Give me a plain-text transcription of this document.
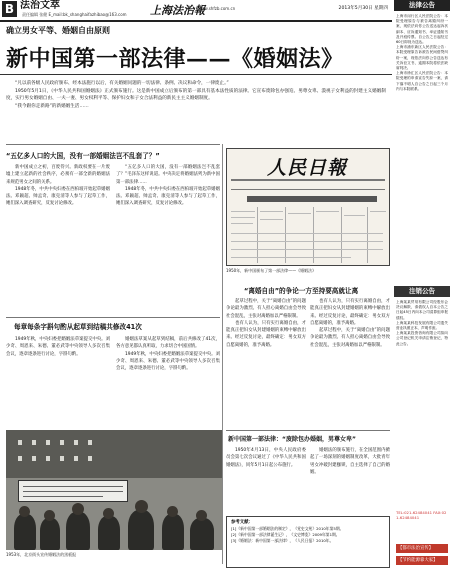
B 法治文萃
责任编辑 张健 E_mail:bk_shanghaifazhibao@163.com 上海法治報
www.shfzb.com.cn	2013年5月30日 星期四
确立男女平等、婚姻自由原则
新中国第一部法律——《婚姻法》

“凡以前各级人民政府颁布、经本法施行以后，有关婚姻问题的一切法律、条例、决议和命令，一律废止。”

1950年5月1日，《中华人民共和国婚姻法》正式颁布施行。这是新中国成立后颁布的第一部具有基本法性质的法律。它宣布废除包办强迫、男尊女卑、漠视子女利益的封建主义婚姻制度，实行男女婚姻自由、一夫一妻、男女权利平等、保护妇女和子女合法利益的新民主主义婚姻制度。

“我今跟你走新路”的新婚姻生活……

“五亿多人口的大国，没有一部婚姻法岂不乱套了？”

新中国成立之初，百废待兴。新政权要在一片废墟上建立起新的社会秩序，必须有一部全新的婚姻法来规范男女之间的关系。

1948年冬，中共中央妇委在西柏坡开始起草婚姻法。邓颖超、帅孟奇、康克清等人参与了起草工作，她们深入调查研究，反复讨论修改。

“五亿多人口的大国，没有一部婚姻法岂不乱套了？”毛泽东这样说道。中央决定将婚姻法列为新中国第一部法律……

1948年冬，中共中央妇委在西柏坡开始起草婚姻法。邓颖超、帅孟奇、康克清等人参与了起草工作，她们深入调查研究，反复讨论修改。

人民日報
1950年，新中国颁布了第一部法律——《婚姻法》
“离婚自由”的争论一方至持要高就让离

起草过程中，关于“离婚自由”的问题争论最为激烈。有人担心离婚自由会导致社会混乱，主张对离婚加以严格限制。

也有人认为，只有实行离婚自由，才能真正把妇女从封建婚姻的束缚中解放出来。经过反复讨论，最终确定：男女双方自愿离婚的，准予离婚。

也有人认为，只有实行离婚自由，才能真正把妇女从封建婚姻的束缚中解放出来。经过反复讨论，最终确定：男女双方自愿离婚的，准予离婚。

起草过程中，关于“离婚自由”的问题争论最为激烈。有人担心离婚自由会导致社会混乱，主张对离婚加以严格限制。

每章每条字斟句酌从起草到结稿共修改41次

1949年秋，中央妇委把婚姻法草案提交中央。刘少奇、周恩来、朱德、董必武等中央领导人多次召集会议，逐章逐条进行讨论，字斟句酌。

婚姻法草案从起草到结稿，前后共修改了41次，各方意见都认真听取，力求切合中国国情。

1949年秋，中央妇委把婚姻法草案提交中央。刘少奇、周恩来、朱德、董必武等中央领导人多次召集会议，逐章逐条进行讨论，字斟句酌。

1953年，北京街头宣传婚姻法的黑板报
新中国第一部法律：“废除包办婚姻，男尊女卑”

1950年4月13日，中央人民政府委员会第七次会议通过了《中华人民共和国婚姻法》，同年5月1日起公布施行。

婚姻法的颁布施行，在全国范围内掀起了一场深刻的婚姻制度改革，大批青年男女冲破封建枷锁，自主选择了自己的婚姻。

参考文献：

[1]《新中国第一部婚姻法的制定》，《党史文苑》2010年第5期。

[2]《新中国第一部法律诞生记》，《文史博览》2009年第1期。

[3]《婚姻法：新中国第一部法律》，《人民日报》2010年。

法律公告

上海市闵行区人民法院公告：本院受理原告与被告离婚纠纷一案，现依法向你公告送达起诉状副本、应诉通知书、举证通知书及开庭传票。自公告之日起经过60日即视为送达。

上海市浦东新区人民法院公告：本院受理原告诉被告民间借贷纠纷一案，现依法向你公告送达有关诉讼文书，逾期本院将依法缺席判决。

上海市徐汇区人民法院公告：本院受理的申请宣告失踪一案，请下落不明人自公告之日起三个月内与本院联系。

注销公告

上海某某贸易有限公司经股东会决议解散，请债权人自本公告之日起45日内向本公司清算组申报债权。

上海某某科技发展有限公司遗失营业执照正本，声明作废。

上海某某投资咨询有限公司拟向公司登记机关申请注销登记，特此公告。

TEL:021-62484041 FAX:021-62484041
【都市法治宣传】
【节约能源靠大家】
